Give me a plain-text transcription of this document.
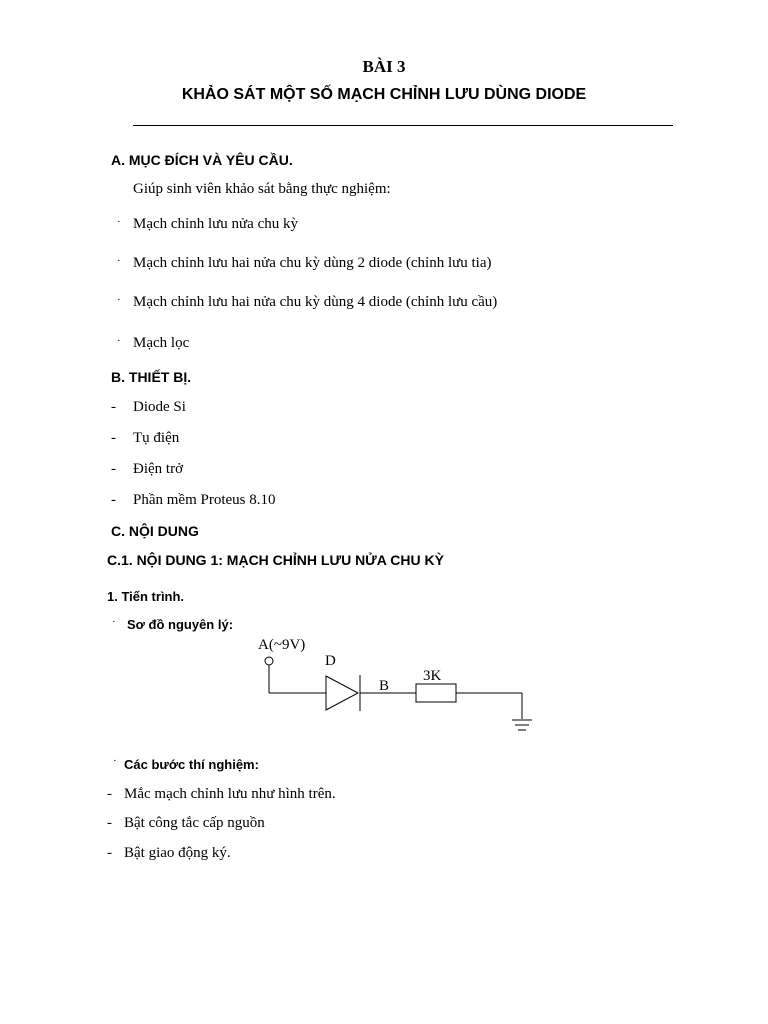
BÀI 3
KHẢO SÁT MỘT SỐ MẠCH CHỈNH LƯU DÙNG DIODE
A. MỤC ĐÍCH VÀ YÊU CẦU.
Giúp sinh viên khảo sát bằng thực nghiệm:
· Mạch chỉnh lưu nửa chu kỳ
· Mạch chỉnh lưu hai nửa chu kỳ dùng 2 diode (chỉnh lưu tia)
· Mạch chỉnh lưu hai nửa chu kỳ dùng 4 diode (chỉnh lưu cầu)
· Mạch lọc
B. THIẾT BỊ.
- Diode Si
- Tụ điện
- Điện trở
- Phần mềm Proteus 8.10
C. NỘI DUNG
C.1. NỘI DUNG 1: MẠCH CHỈNH LƯU NỬA CHU KỲ
1. Tiến trình.
· Sơ đồ nguyên lý:
A(~9V)
D
B
3K
· Các bước thí nghiệm:
- Mắc mạch chỉnh lưu như hình trên.
- Bật công tắc cấp nguồn
- Bật giao động ký.
